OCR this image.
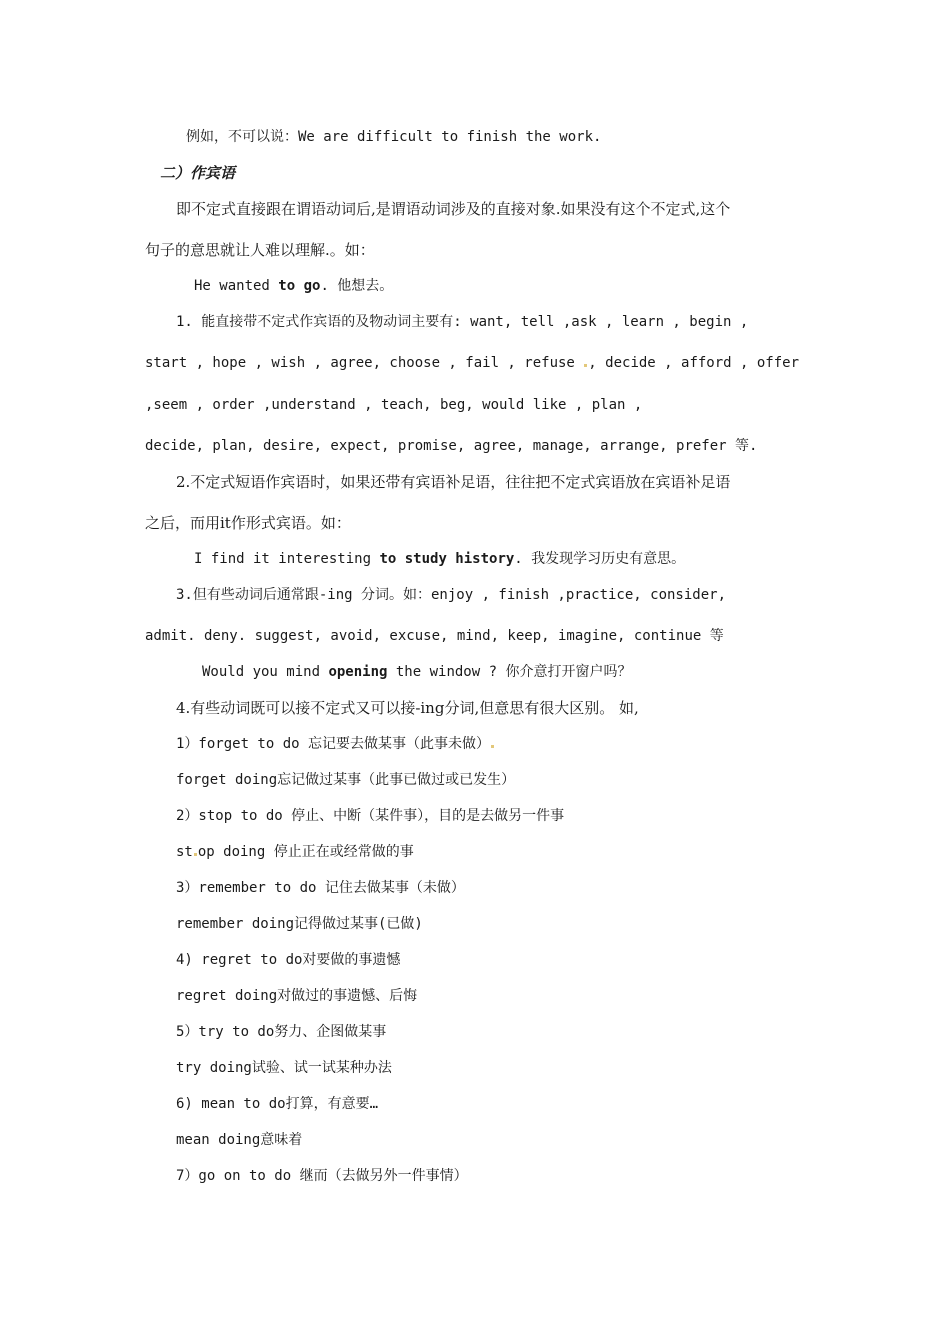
例如，不可以说：We are difficult to finish the work.
二）作宾语
即不定式直接跟在谓语动词后,是谓语动词涉及的直接对象.如果没有这个不定式,这个
句子的意思就让人难以理解.。如：
He wanted to go. 他想去。
1. 能直接带不定式作宾语的及物动词主要有: want, tell ,ask , learn , begin ,
start , hope , wish , agree, choose , fail , refuse , decide , afford , offer
,seem , order ,understand , teach, beg, would like , plan ,
decide, plan, desire, expect, promise, agree, manage, arrange, prefer 等.
2.不定式短语作宾语时，如果还带有宾语补足语，往往把不定式宾语放在宾语补足语
之后，而用it作形式宾语。如：
I find it interesting to study history. 我发现学习历史有意思。
3.但有些动词后通常跟-ing 分词。如：enjoy , finish ,practice, consider,
admit. deny. suggest, avoid, excuse, mind, keep, imagine, continue 等
Would you mind opening the window ? 你介意打开窗户吗？
4.有些动词既可以接不定式又可以接-ing分词,但意思有很大区别。 如,
1）forget to do 忘记要去做某事（此事未做）
forget doing忘记做过某事（此事已做过或已发生）
2）stop to do 停止、中断（某件事），目的是去做另一件事
st op doing 停止正在或经常做的事
3）remember to do 记住去做某事（未做）
remember doing记得做过某事(已做)
4) regret to do对要做的事遗憾
regret doing对做过的事遗憾、后悔
5）try to do努力、企图做某事
try doing试验、试一试某种办法
6) mean to do打算，有意要…
mean doing意味着
7）go on to do 继而（去做另外一件事情）
